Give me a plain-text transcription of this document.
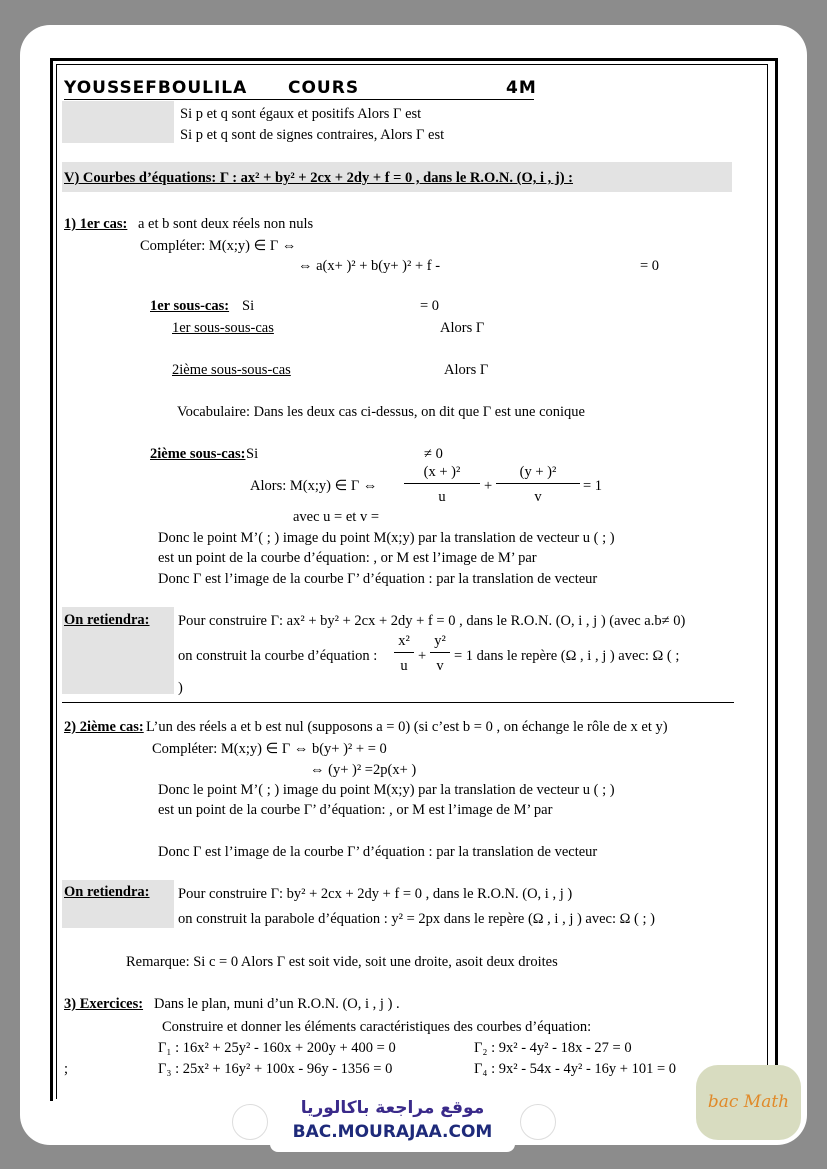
YOUSSEFBOULILA COURS	4M
Si p et q sont égaux et positifs Alors Γ est
Si p et q sont de signes contraires, Alors Γ est
V) Courbes d’équations: Γ : ax² + by² + 2cx + 2dy + f = 0 , dans le R.O.N. (O, i , j) :
1) 1er cas: a et b sont deux réels non nuls
Compléter: M(x;y) ∈ Γ ⇔
⇔ a(x+ )² + b(y+ )² + f -	= 0
1er sous-cas: Si	= 0
1er sous-sous-cas	Alors Γ
2ième sous-sous-cas	Alors Γ
Vocabulaire: Dans les deux cas ci-dessus, on dit que Γ est une conique
2ième sous-cas: Si	≠ 0
Alors: M(x;y) ∈ Γ ⇔
(x + )²
u
+
(y + )²
v
= 1
avec u = et v =
Donc le point M’( ; ) image du point M(x;y) par la translation de vecteur u ( ; )
est un point de la courbe d’équation: , or M est l’image de M’ par
Donc Γ est l’image de la courbe Γ’ d’équation : par la translation de vecteur
On retiendra: Pour construire Γ: ax² + by² + 2cx + 2dy + f = 0 , dans le R.O.N. (O, i , j ) (avec a.b≠ 0)
on construit la courbe d’équation :
x²
u
+
y²
v
= 1 dans le repère (Ω , i , j ) avec: Ω ( ;
)
2) 2ième cas: L’un des réels a et b est nul (supposons a = 0) (si c’est b = 0 , on échange le rôle de x et y)
Compléter: M(x;y) ∈ Γ ⇔ b(y+ )² + = 0
⇔ (y+ )² =2p(x+ )
Donc le point M’( ; ) image du point M(x;y) par la translation de vecteur u ( ; )
est un point de la courbe Γ’ d’équation: , or M est l’image de M’ par
Donc Γ est l’image de la courbe Γ’ d’équation : par la translation de vecteur
On retiendra: Pour construire Γ: by² + 2cx + 2dy + f = 0 , dans le R.O.N. (O, i , j )
on construit la parabole d’équation : y² = 2px dans le repère (Ω , i , j ) avec: Ω ( ; )
Remarque: Si c = 0 Alors Γ est soit vide, soit une droite, asoit deux droites
3) Exercices: Dans le plan, muni d’un R.O.N. (O, i , j ) .
Construire et donner les éléments caractéristiques des courbes d’équation:
Γ₁ : 16x² + 25y² - 160x + 200y + 400 = 0	Γ₂ : 9x² - 4y² - 18x - 27 = 0
;	Γ₃ : 25x² + 16y² + 100x - 96y - 1356 = 0	Γ₄ : 9x² - 54x - 4y² - 16y + 101 = 0
موقع مراجعة باكالوريا
BAC.MOURAJAA.COM
bac Math
